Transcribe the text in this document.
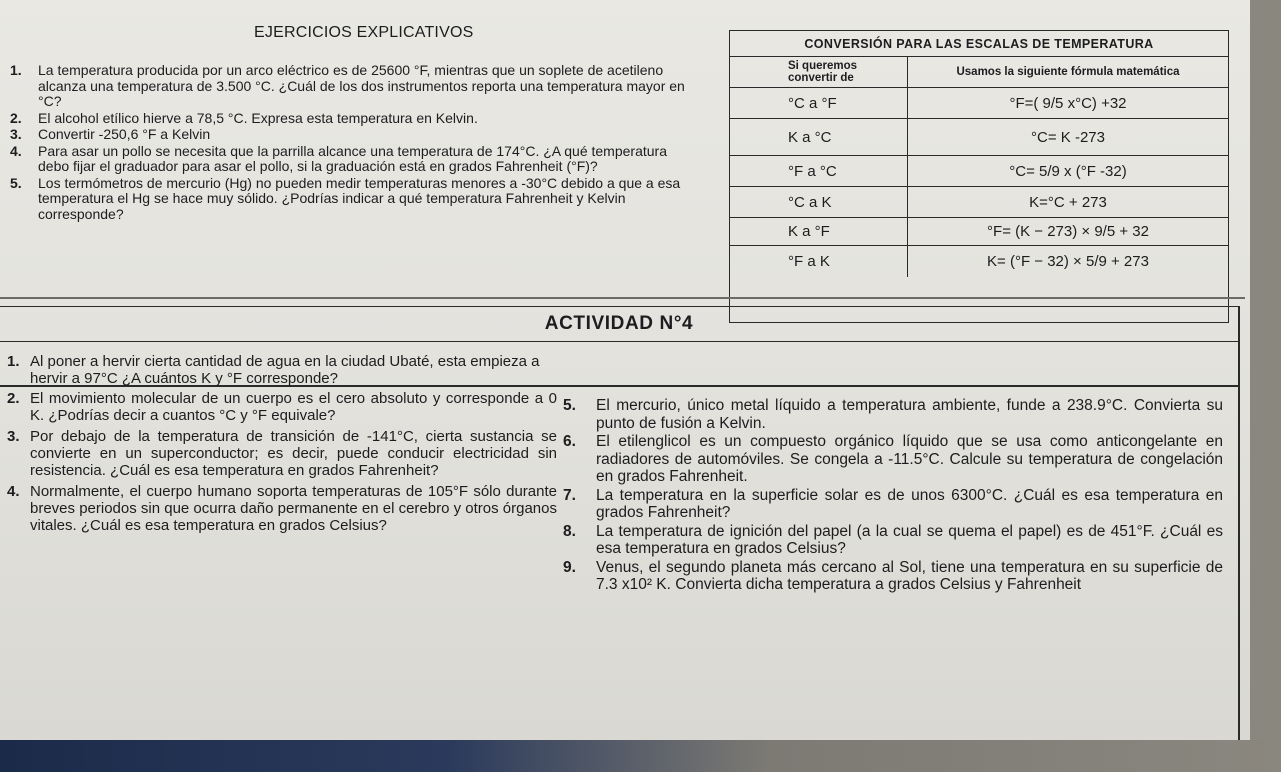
EJERCICIOS EXPLICATIVOS
1.	La temperatura producida por un arco eléctrico es de 25600 °F, mientras que un soplete de acetileno alcanza una temperatura de 3.500 °C. ¿Cuál de los dos instrumentos reporta una temperatura mayor en °C?
2.	El alcohol etílico hierve a 78,5 °C. Expresa esta temperatura en Kelvin.
3.	Convertir -250,6 °F a Kelvin
4.	Para asar un pollo se necesita que la parrilla alcance una temperatura de 174°C. ¿A qué temperatura debo fijar el graduador para asar el pollo, si la graduación está en grados Fahrenheit (°F)?
5.	Los termómetros de mercurio (Hg) no pueden medir temperaturas menores a -30°C debido a que a esa temperatura el Hg se hace muy sólido. ¿Podrías indicar a qué temperatura Fahrenheit y Kelvin corresponde?
CONVERSIÓN PARA LAS ESCALAS DE TEMPERATURA
Si queremos convertir de	Usamos la siguiente fórmula matemática
°C a °F	°F=( 9/5 x°C) +32
K a °C	°C= K -273
°F a °C	°C= 5/9 x (°F -32)
°C a K	K=°C + 273
K a °F	°F= (K − 273) × 9/5 + 32
°F a K	K= (°F − 32) × 5/9 + 273
ACTIVIDAD N°4
1. Al poner a hervir cierta cantidad de agua en la ciudad Ubaté, esta empieza a hervir a 97°C ¿A cuántos K y °F corresponde?
2. El movimiento molecular de un cuerpo es el cero absoluto y corresponde a 0 K. ¿Podrías decir a cuantos °C y °F equivale?
3. Por debajo de la temperatura de transición de -141°C, cierta sustancia se convierte en un superconductor; es decir, puede conducir electricidad sin resistencia. ¿Cuál es esa temperatura en grados Fahrenheit?
4. Normalmente, el cuerpo humano soporta temperaturas de 105°F sólo durante breves periodos sin que ocurra daño permanente en el cerebro y otros órganos vitales. ¿Cuál es esa temperatura en grados Celsius?
5.	El mercurio, único metal líquido a temperatura ambiente, funde a 238.9°C. Convierta su punto de fusión a Kelvin.
6.	El etilenglicol es un compuesto orgánico líquido que se usa como anticongelante en radiadores de automóviles. Se congela a -11.5°C. Calcule su temperatura de congelación en grados Fahrenheit.
7.	La temperatura en la superficie solar es de unos 6300°C. ¿Cuál es esa temperatura en grados Fahrenheit?
8.	La temperatura de ignición del papel (a la cual se quema el papel) es de 451°F. ¿Cuál es esa temperatura en grados Celsius?
9.	Venus, el segundo planeta más cercano al Sol, tiene una temperatura en su superficie de 7.3 x10² K. Convierta dicha temperatura a grados Celsius y Fahrenheit
